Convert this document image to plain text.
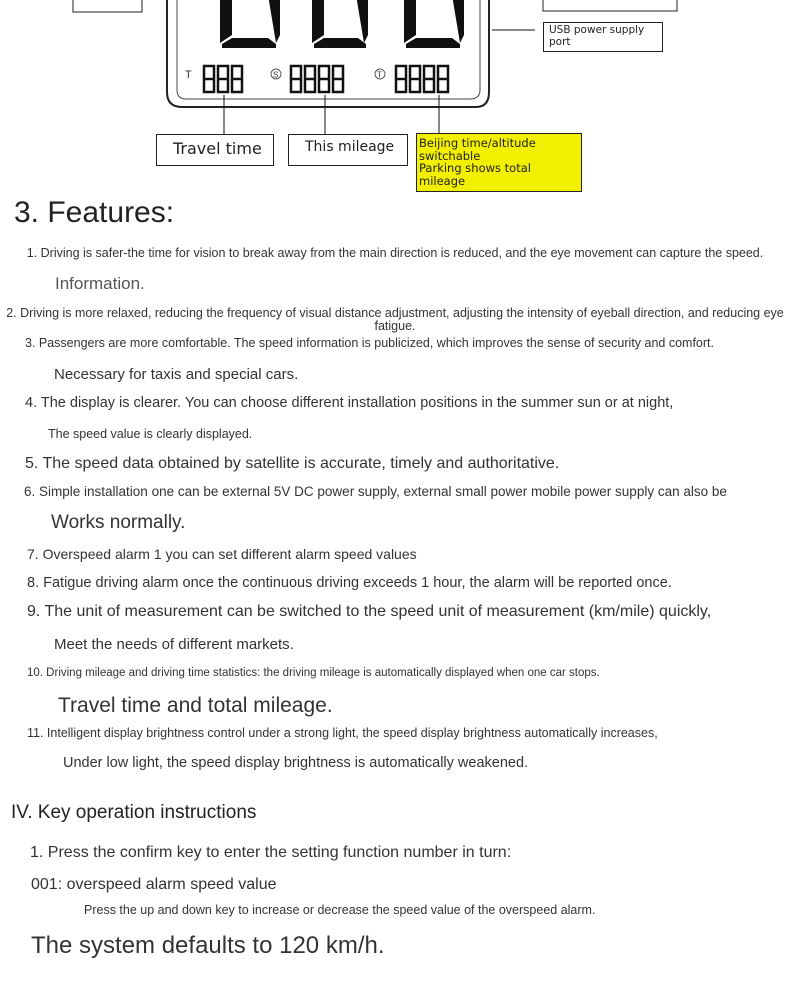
T	S	T
USB power supply port
Travel time	This mileage	Beijing time/altitude switchable
Parking shows total mileage
3. Features:
1. Driving is safer-the time for vision to break away from the main direction is reduced, and the eye movement can capture the speed.
Information.
2. Driving is more relaxed, reducing the frequency of visual distance adjustment, adjusting the intensity of eyeball direction, and reducing eye fatigue.
3. Passengers are more comfortable. The speed information is publicized, which improves the sense of security and comfort.
Necessary for taxis and special cars.
4. The display is clearer. You can choose different installation positions in the summer sun or at night,
The speed value is clearly displayed.
5. The speed data obtained by satellite is accurate, timely and authoritative.
6. Simple installation one can be external 5V DC power supply, external small power mobile power supply can also be
Works normally.
7. Overspeed alarm 1 you can set different alarm speed values
8. Fatigue driving alarm once the continuous driving exceeds 1 hour, the alarm will be reported once.
9. The unit of measurement can be switched to the speed unit of measurement (km/mile) quickly,
Meet the needs of different markets.
10. Driving mileage and driving time statistics: the driving mileage is automatically displayed when one car stops.
Travel time and total mileage.
11. Intelligent display brightness control under a strong light, the speed display brightness automatically increases,
Under low light, the speed display brightness is automatically weakened.
IV. Key operation instructions
1. Press the confirm key to enter the setting function number in turn:
001: overspeed alarm speed value
Press the up and down key to increase or decrease the speed value of the overspeed alarm.
The system defaults to 120 km/h.
